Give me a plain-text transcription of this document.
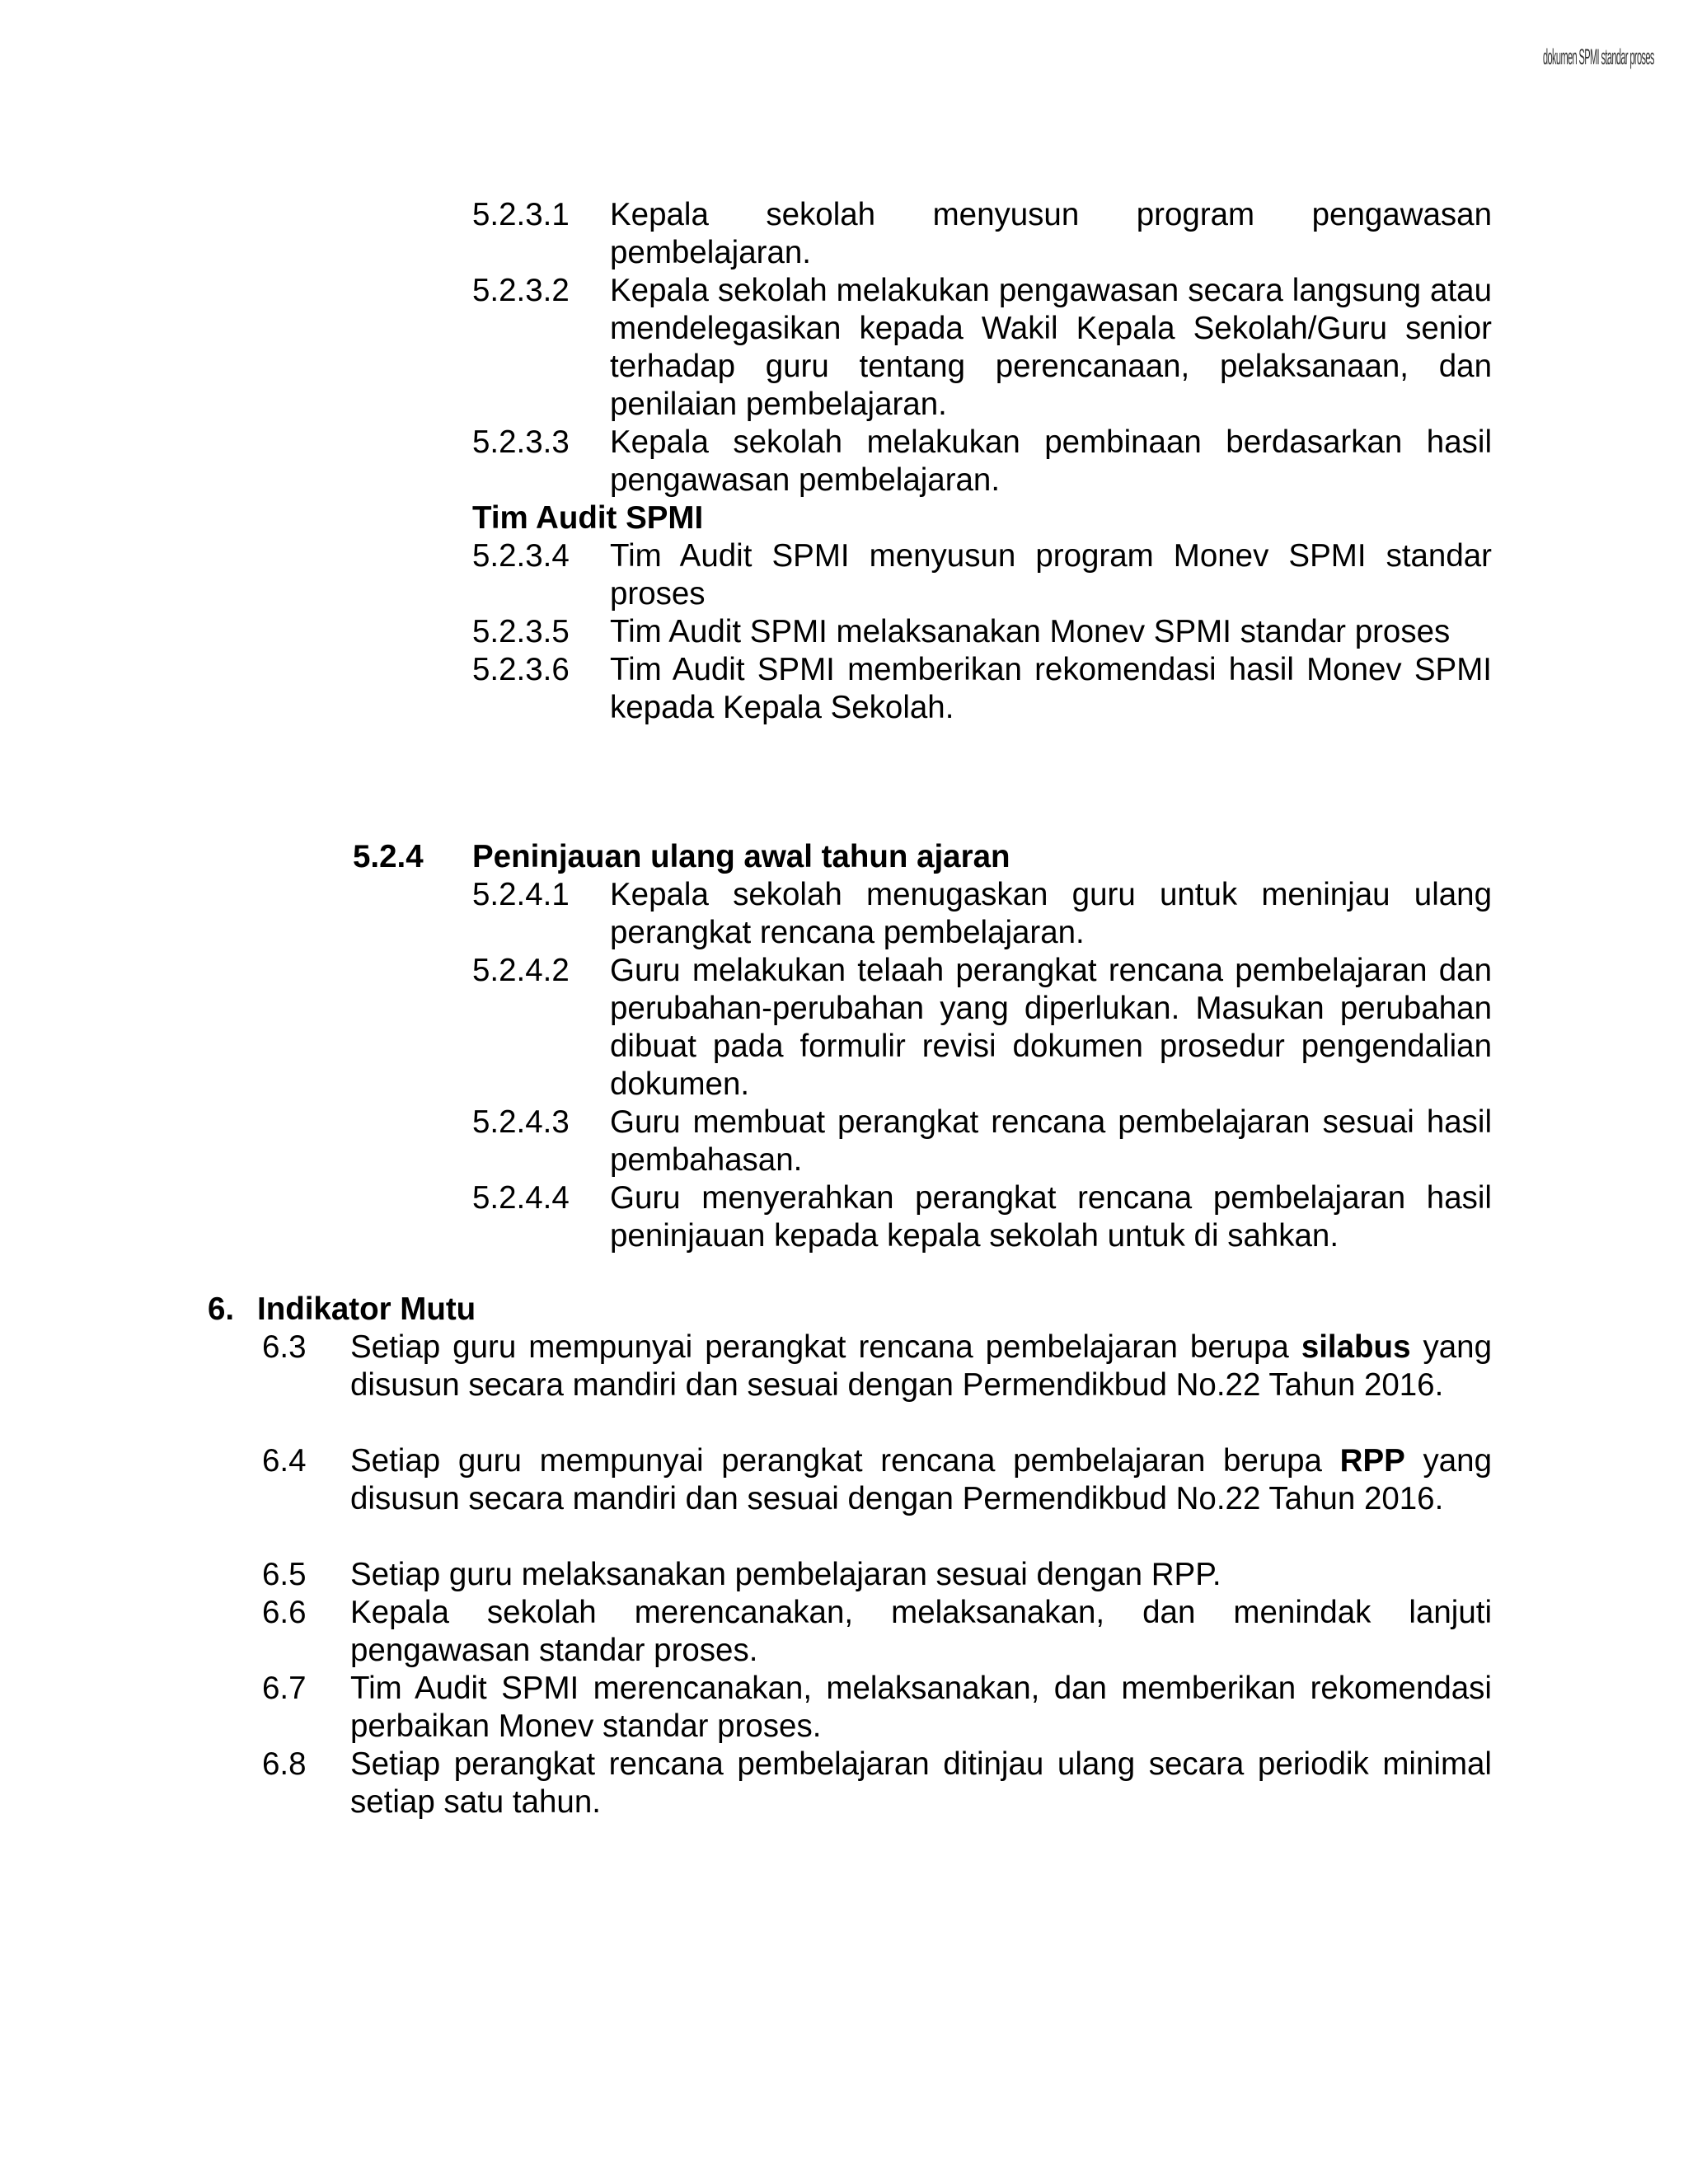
dokumen SPMI standar proses
5.2.3.1	Kepala sekolah menyusun program pengawasan pembelajaran.
5.2.3.2	Kepala sekolah melakukan pengawasan secara langsung atau mendelegasikan kepada Wakil Kepala Sekolah/Guru senior terhadap guru tentang perencanaan, pelaksanaan, dan penilaian pembelajaran.
5.2.3.3	Kepala sekolah melakukan pembinaan berdasarkan hasil pengawasan pembelajaran.
Tim Audit SPMI
5.2.3.4	Tim Audit SPMI menyusun program Monev SPMI standar proses
5.2.3.5	Tim Audit SPMI melaksanakan Monev SPMI standar proses
5.2.3.6	Tim Audit SPMI memberikan rekomendasi hasil Monev SPMI kepada Kepala Sekolah.
5.2.4	Peninjauan ulang awal tahun ajaran
5.2.4.1	Kepala sekolah menugaskan guru untuk meninjau ulang perangkat rencana pembelajaran.
5.2.4.2	Guru melakukan telaah perangkat rencana pembelajaran dan perubahan-perubahan yang diperlukan. Masukan perubahan dibuat pada formulir revisi dokumen prosedur pengendalian dokumen.
5.2.4.3	Guru membuat perangkat rencana pembelajaran sesuai hasil pembahasan.
5.2.4.4	Guru menyerahkan perangkat rencana pembelajaran hasil peninjauan kepada kepala sekolah untuk di sahkan.
6. Indikator Mutu
6.3	Setiap guru mempunyai perangkat rencana pembelajaran berupa silabus yang disusun secara mandiri dan sesuai dengan Permendikbud No.22 Tahun 2016.
6.4	Setiap guru mempunyai perangkat rencana pembelajaran berupa RPP yang disusun secara mandiri dan sesuai dengan Permendikbud No.22 Tahun 2016.
6.5	Setiap guru melaksanakan pembelajaran sesuai dengan RPP.
6.6	Kepala sekolah merencanakan, melaksanakan, dan menindak lanjuti pengawasan standar proses.
6.7	Tim Audit SPMI merencanakan, melaksanakan, dan memberikan rekomendasi perbaikan Monev standar proses.
6.8	Setiap perangkat rencana pembelajaran ditinjau ulang secara periodik minimal setiap satu tahun.
